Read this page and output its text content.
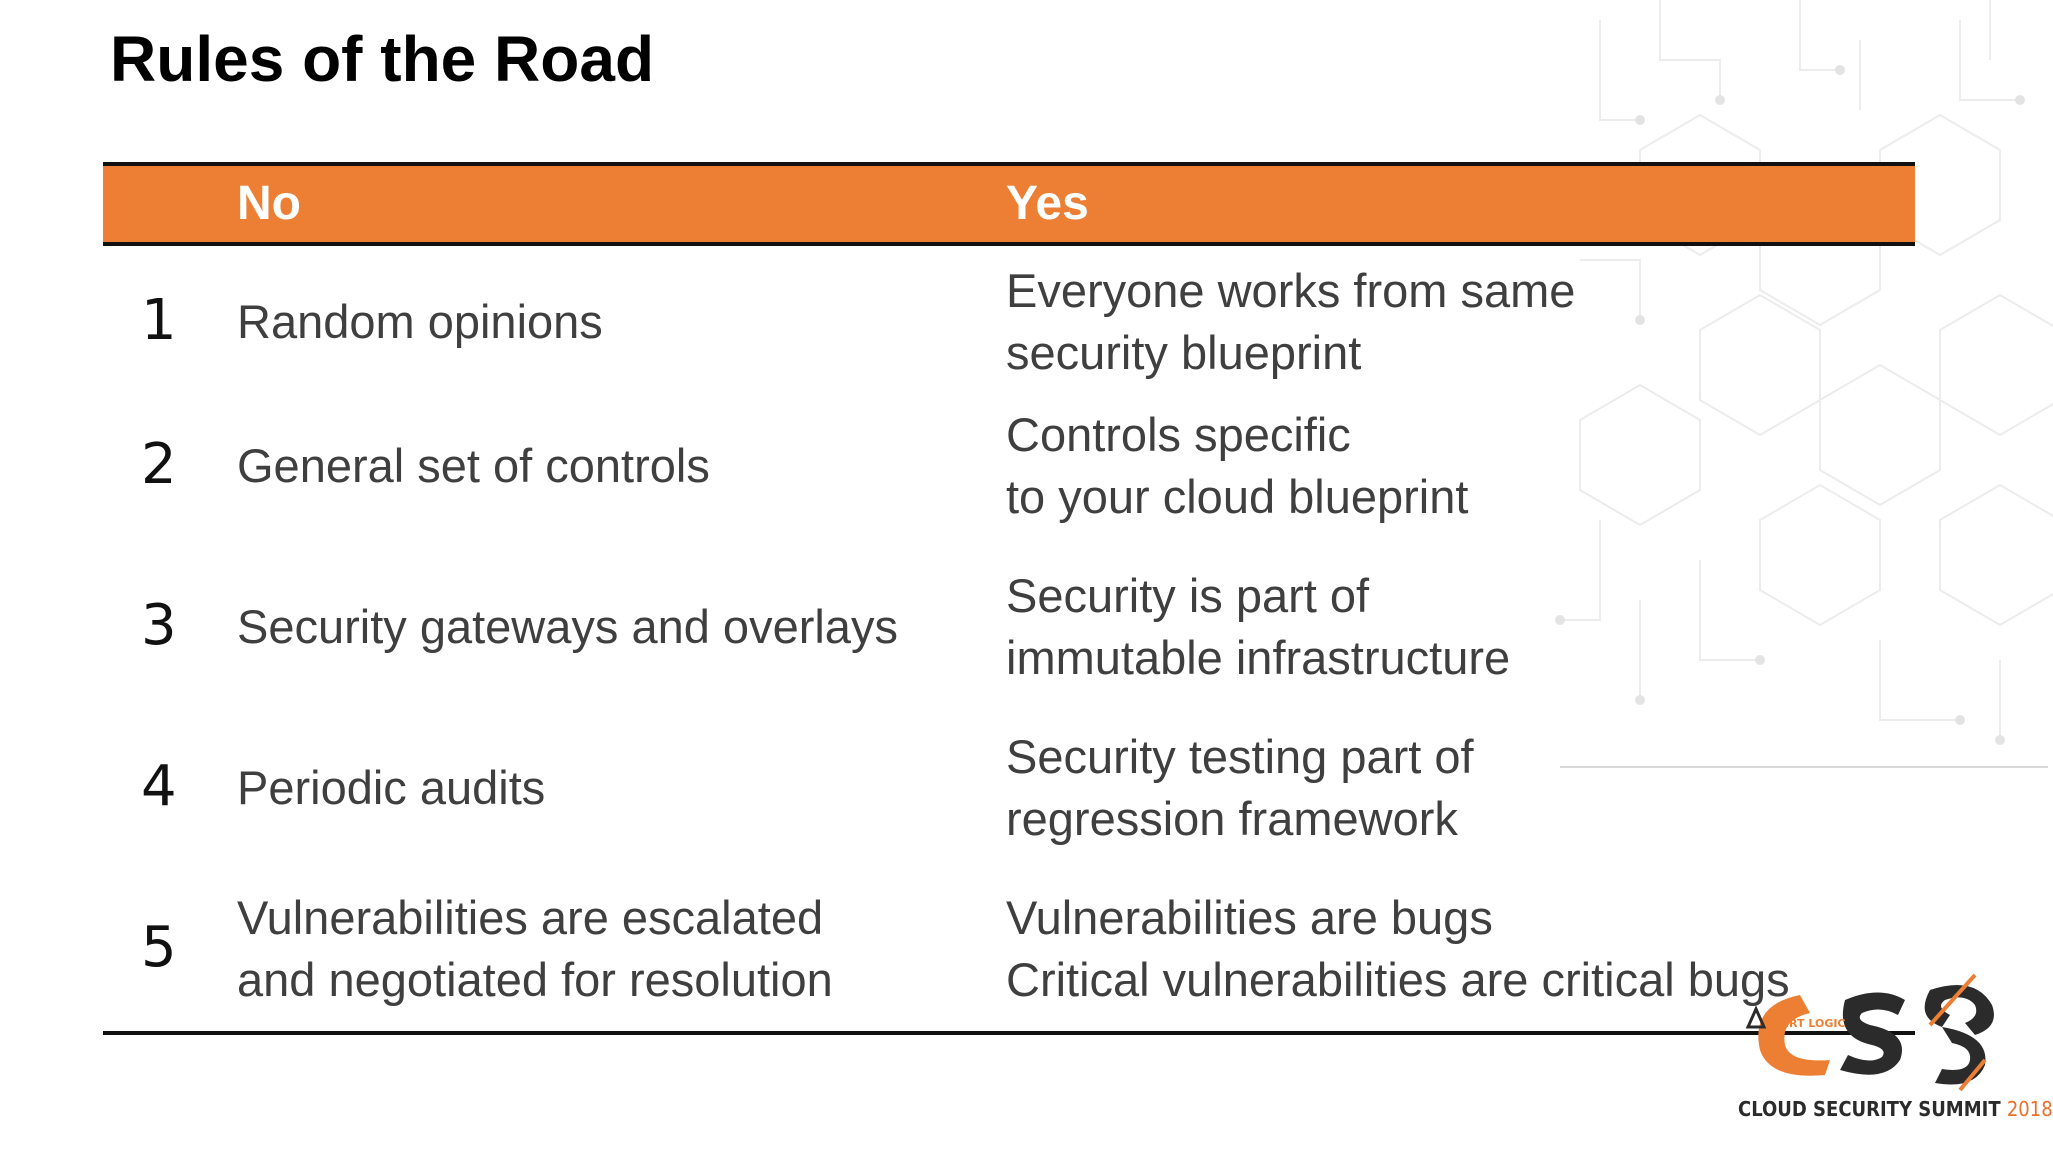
Rules of the Road
No	Yes
1 Random opinions
Everyone works from same
security blueprint
2 General set of controls
Controls specific
to your cloud blueprint
3 Security gateways and overlays
Security is part of
immutable infrastructure
4 Periodic audits
Security testing part of
regression framework
5 Vulnerabilities are escalated
and negotiated for resolution
Vulnerabilities are bugs
Critical vulnerabilities are critical bugs
ALERT LOGIC	CSS
CLOUD SECURITY SUMMIT 2018
